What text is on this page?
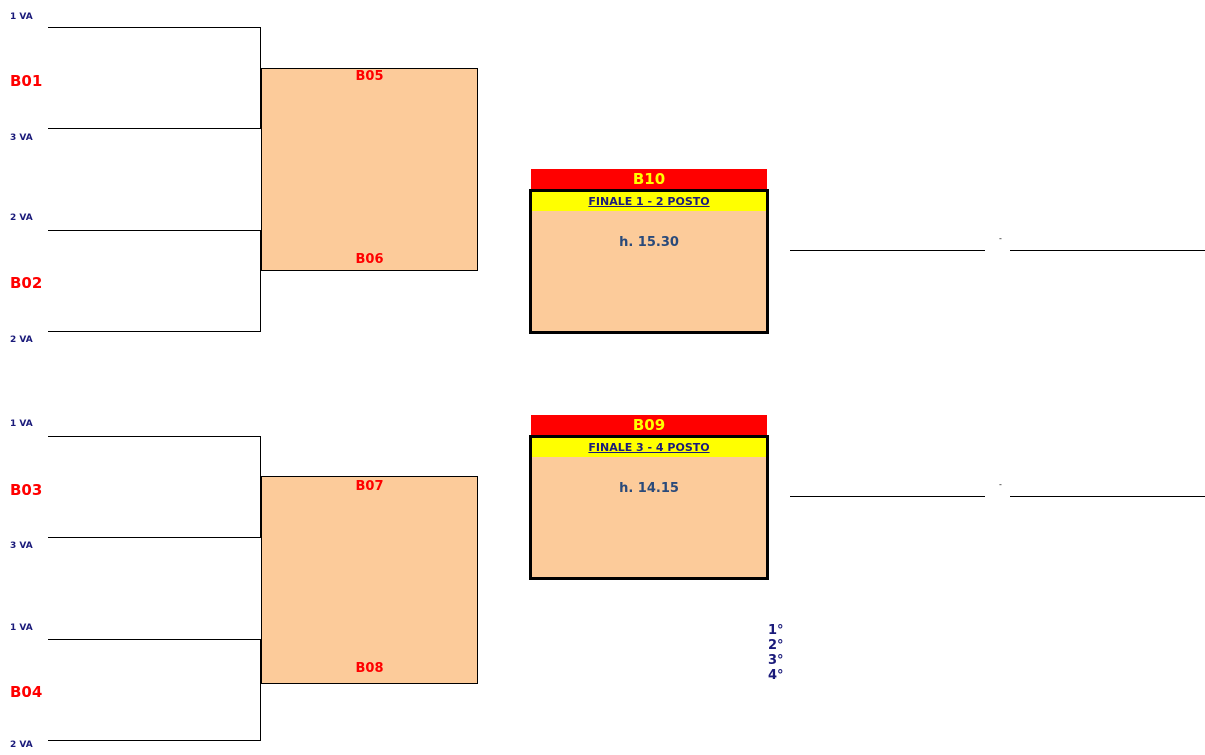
1 VA
B01
3 VA
2 VA
B02
2 VA
B05
B06
1 VA
B03
3 VA
1 VA
B04
2 VA
B07
B08
B10
FINALE 1 - 2 POSTO
h. 15.30	-
B09
FINALE 3 - 4 POSTO
h. 14.15	-
1°
2°
3°
4°
